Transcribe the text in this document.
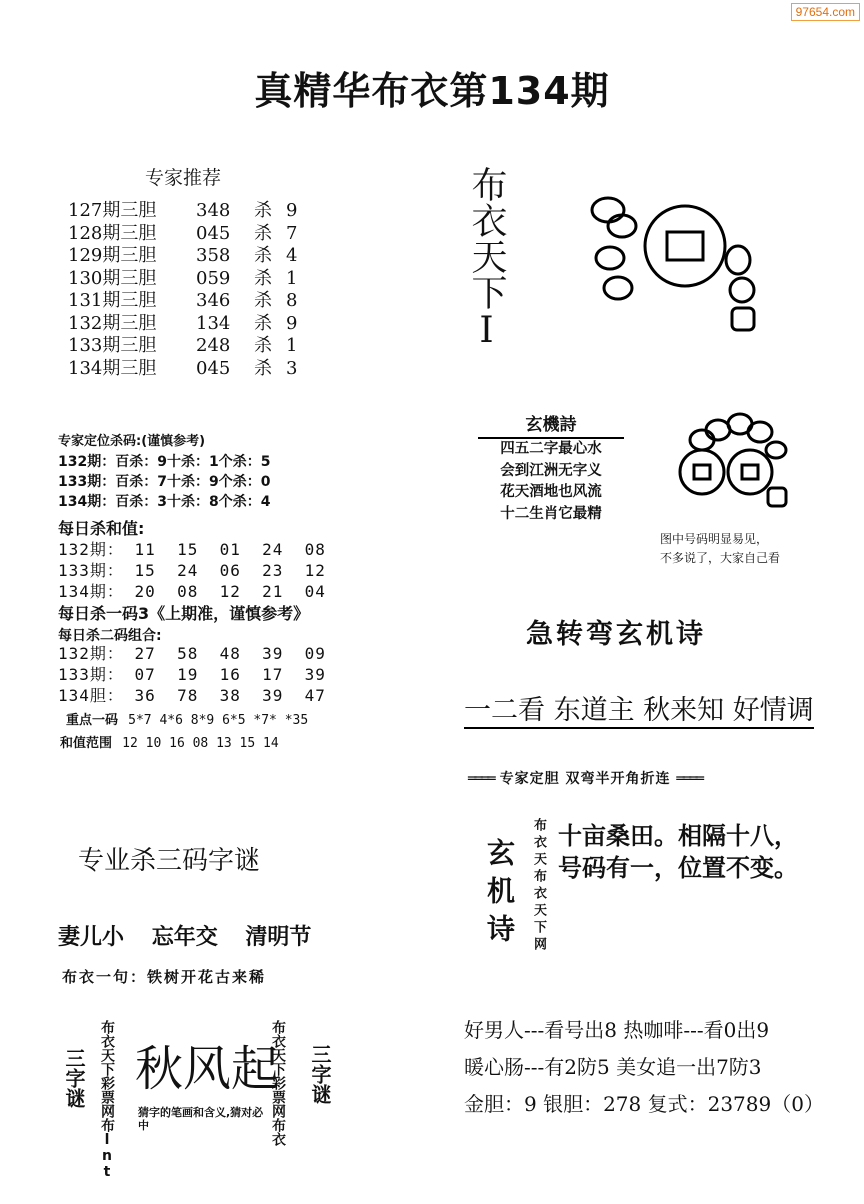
97654.com
真精华布衣第134期
专家推荐
127期三胆 348 杀 9
128期三胆 045 杀 7
129期三胆 358 杀 4
130期三胆 059 杀 1
131期三胆 346 杀 8
132期三胆 134 杀 9
133期三胆 248 杀 1
134期三胆 045 杀 3
专家定位杀码:(谨慎参考)
132期：百杀：9十杀：1个杀：5
133期：百杀：7十杀：9个杀：0
134期：百杀：3十杀：8个杀：4
每日杀和值:
132期： 11  15  01  24  08
133期： 15  24  06  23  12
134期： 20  08  12  21  04
每日杀一码3《上期准，谨慎参考》
每日杀二码组合:
132期： 27  58  48  39  09
133期： 07  19  16  17  39
134胆： 36  78  38  39  47
重点一码 5*7 4*6 8*9 6*5 *7* *35
和值范围 12 10 16 08 13 15 14
专业杀三码字谜
妻儿小 忘年交 清明节
布衣一句：铁树开花古来稀
三字谜 布衣天下彩票网布lnt 秋风起
猜字的笔画和含义,猜对必中	布衣天下彩票网布衣 三字谜
布衣天下I
玄機詩
四五二字最心水
会到江洲无字义
花天酒地也风流
十二生肖它最精
图中号码明显易见，
不多说了，大家自己看
急转弯玄机诗
一二看 东道主 秋来知 好情调
════ 专家定胆 双弯半开角折连 ════
玄机诗 布衣天布衣天下网 十亩桑田。相隔十八，
号码有一，位置不变。
好男人---看号出8 热咖啡---看0出9
暖心肠---有2防5 美女追一出7防3
金胆：9 银胆：278 复式：23789（0）
